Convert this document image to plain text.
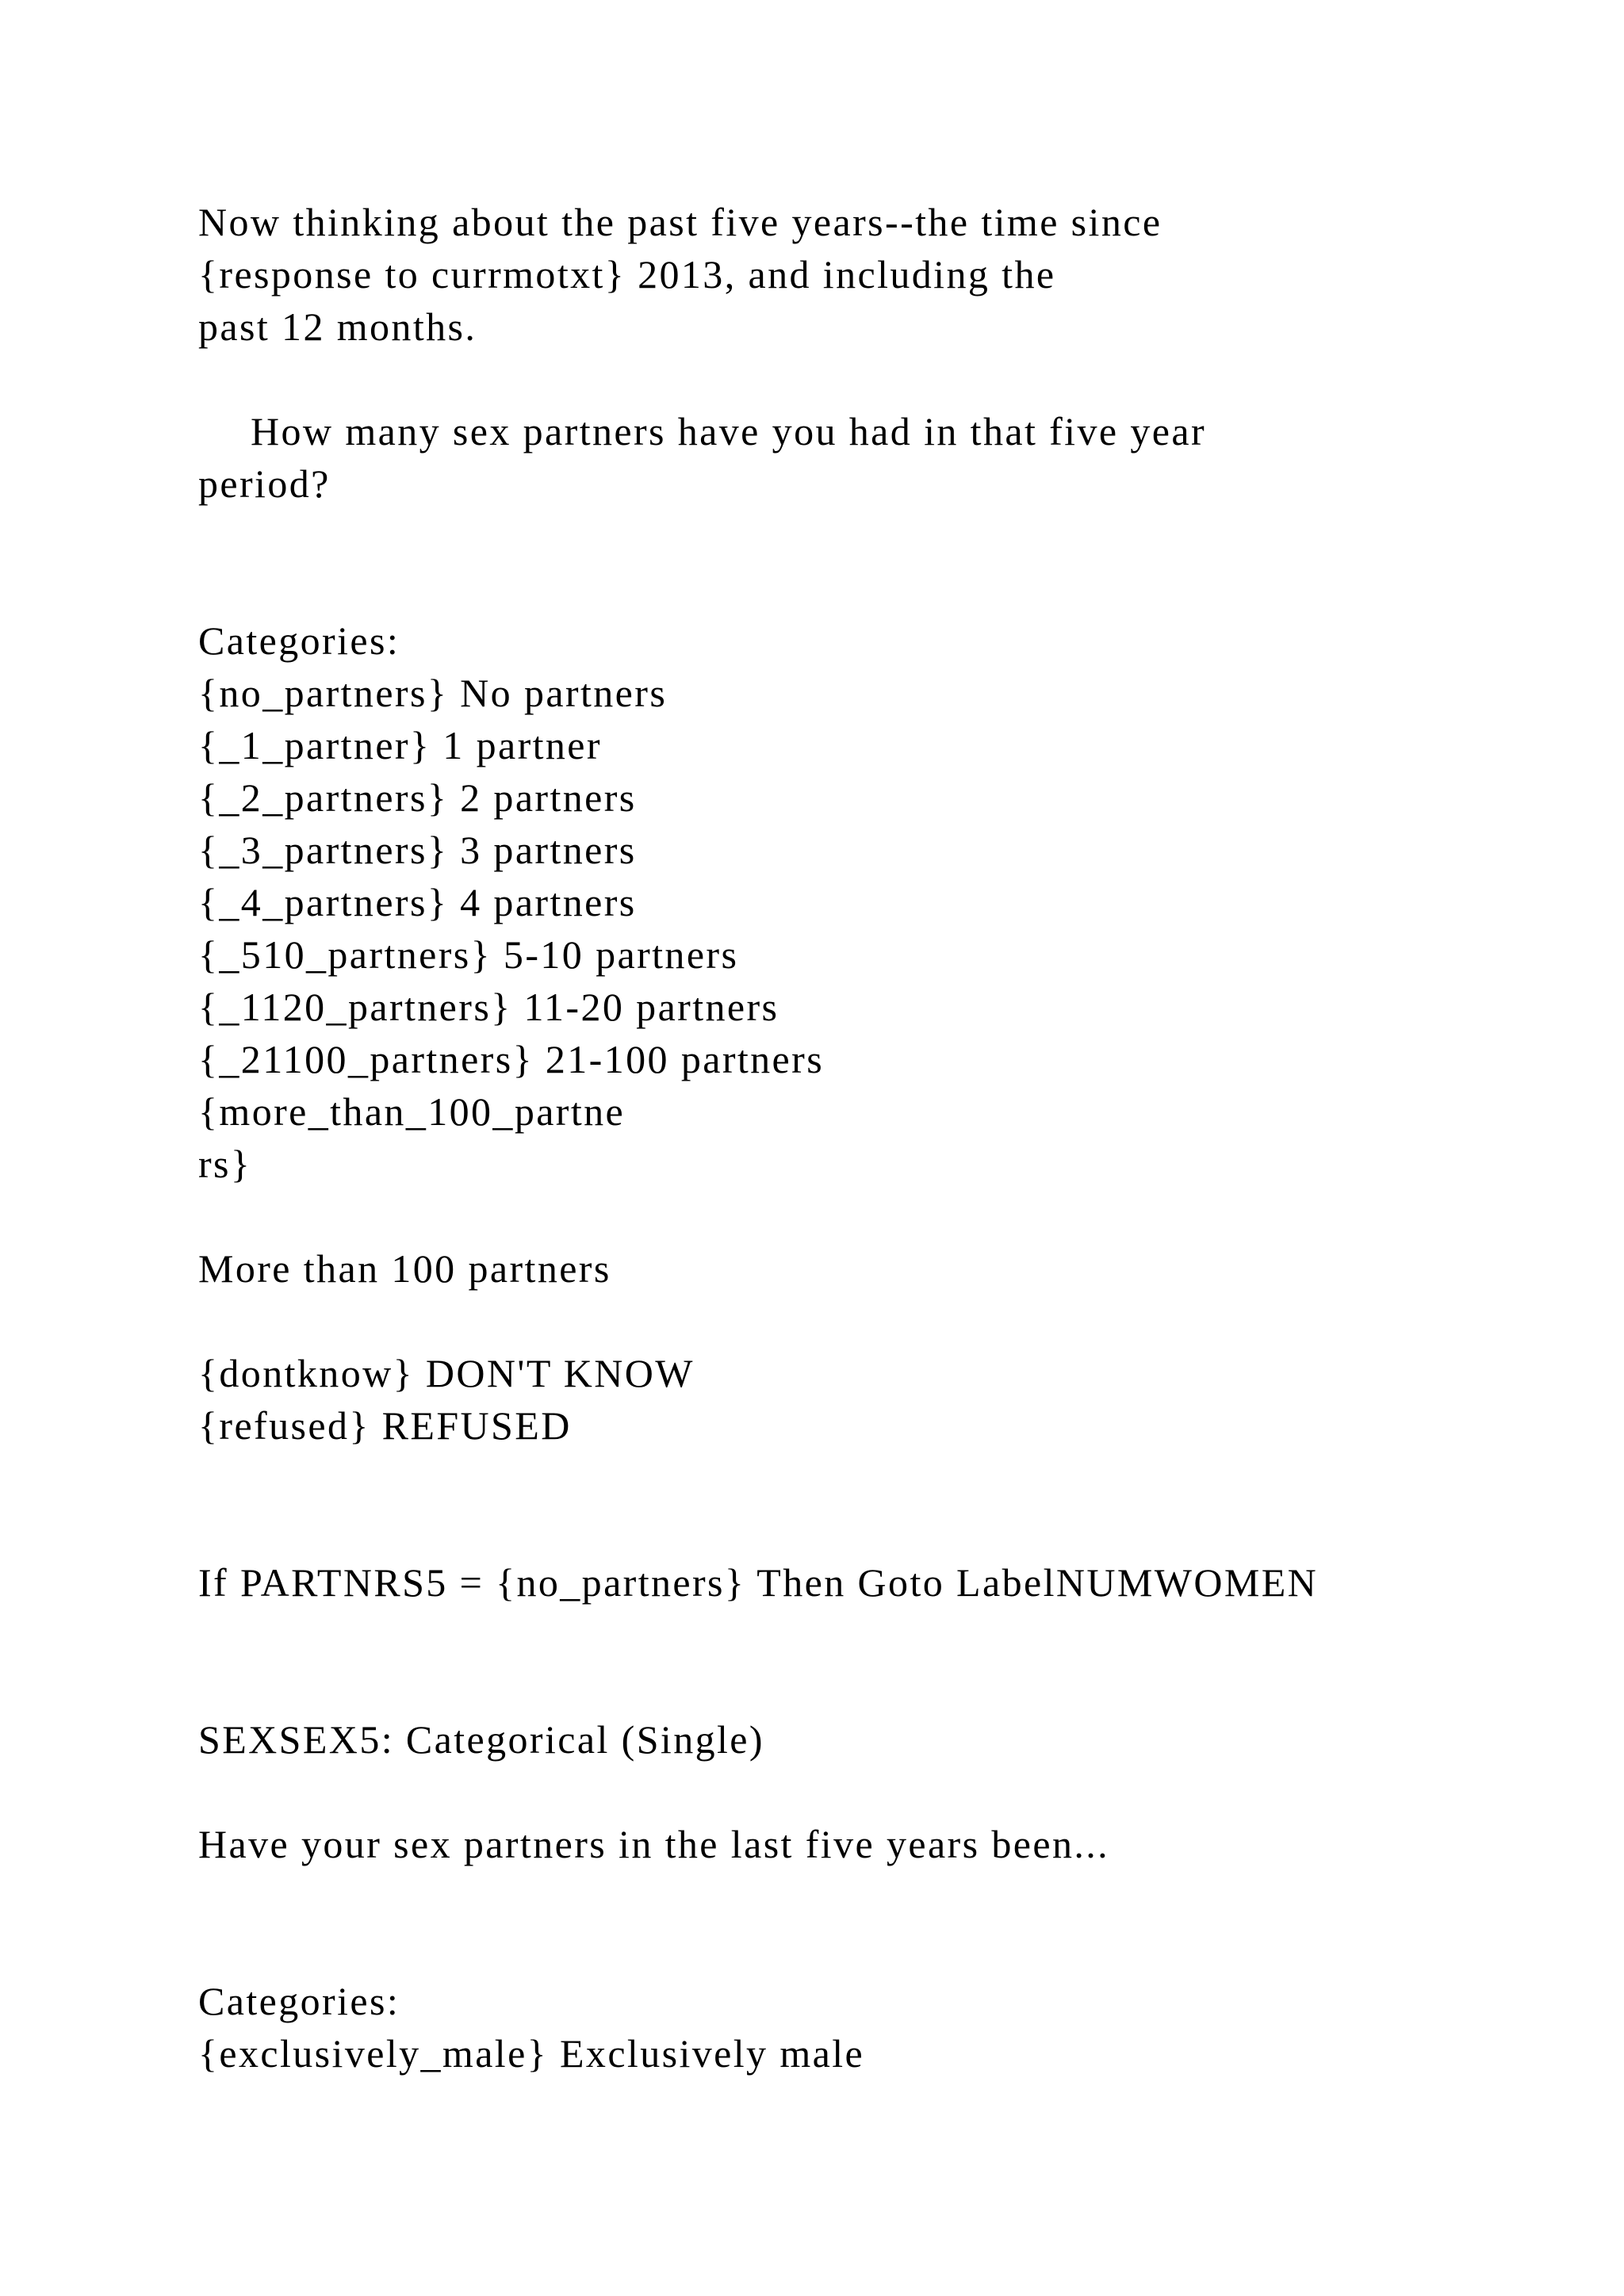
Now thinking about the past five years--the time since

{response to currmotxt} 2013, and including the

past 12 months.

How many sex partners have you had in that five year

period?

Categories:

{no_partners} No partners

{_1_partner} 1 partner

{_2_partners} 2 partners

{_3_partners} 3 partners

{_4_partners} 4 partners

{_510_partners} 5-10 partners

{_1120_partners} 11-20 partners

{_21100_partners} 21-100 partners

{more_than_100_partne

rs}

More than 100 partners

{dontknow} DON'T KNOW

{refused} REFUSED

If PARTNRS5 = {no_partners} Then Goto LabelNUMWOMEN

SEXSEX5: Categorical (Single)

Have your sex partners in the last five years been...

Categories:

{exclusively_male} Exclusively male
